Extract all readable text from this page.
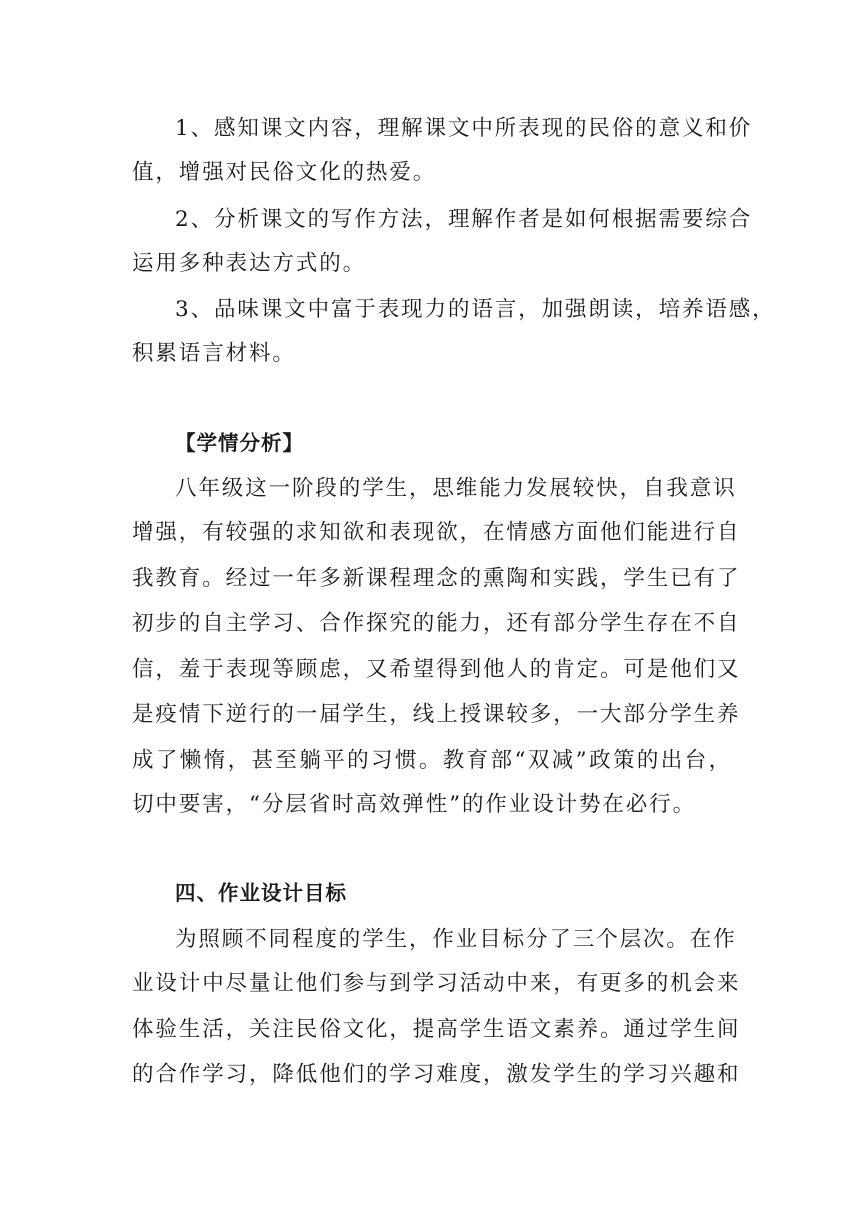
1、感知课文内容，理解课文中所表现的民俗的意义和价
值，增强对民俗文化的热爱。
2、分析课文的写作方法，理解作者是如何根据需要综合
运用多种表达方式的。
3、品味课文中富于表现力的语言，加强朗读，培养语感，
积累语言材料。
【学情分析】
八年级这一阶段的学生，思维能力发展较快，自我意识
增强，有较强的求知欲和表现欲，在情感方面他们能进行自
我教育。经过一年多新课程理念的熏陶和实践，学生已有了
初步的自主学习、合作探究的能力，还有部分学生存在不自
信，羞于表现等顾虑，又希望得到他人的肯定。可是他们又
是疫情下逆行的一届学生，线上授课较多，一大部分学生养
成了懒惰，甚至躺平的习惯。教育部“双减”政策的出台，
切中要害，“分层省时高效弹性”的作业设计势在必行。
四、作业设计目标
为照顾不同程度的学生，作业目标分了三个层次。在作
业设计中尽量让他们参与到学习活动中来，有更多的机会来
体验生活，关注民俗文化，提高学生语文素养。通过学生间
的合作学习，降低他们的学习难度，激发学生的学习兴趣和
